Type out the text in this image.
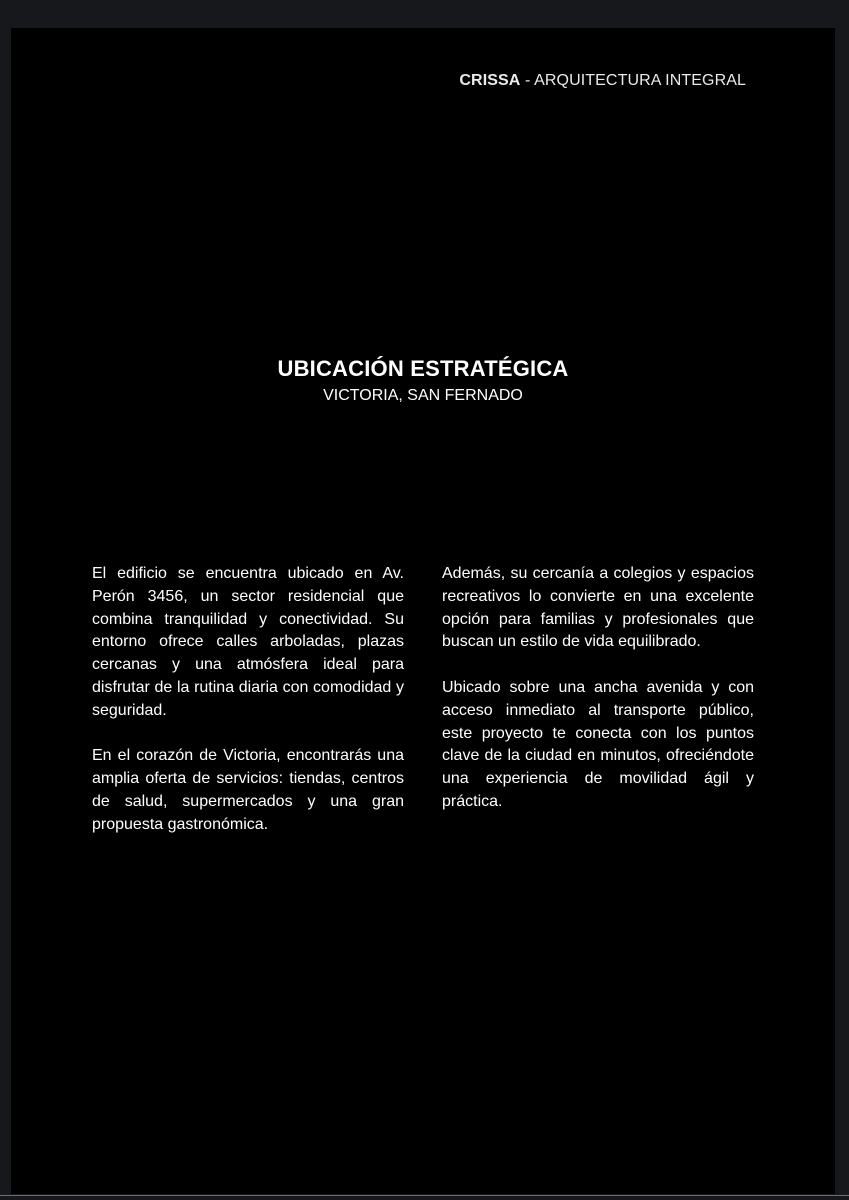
CRISSA - ARQUITECTURA INTEGRAL
UBICACIÓN ESTRATÉGICA
VICTORIA, SAN FERNADO

El edificio se encuentra ubicado en Av. Perón 3456, un sector residencial que combina tranquilidad y conectividad. Su entorno ofrece calles arboladas, plazas cercanas y una atmósfera ideal para disfrutar de la rutina diaria con comodidad y seguridad.

En el corazón de Victoria, encontrarás una amplia oferta de servicios: tiendas, centros de salud, supermercados y una gran propuesta gastronómica.

Además, su cercanía a colegios y espacios recreativos lo convierte en una excelente opción para familias y profesionales que buscan un estilo de vida equilibrado.

Ubicado sobre una ancha avenida y con acceso inmediato al transporte público, este proyecto te conecta con los puntos clave de la ciudad en minutos, ofreciéndote una experiencia de movilidad ágil y práctica.
